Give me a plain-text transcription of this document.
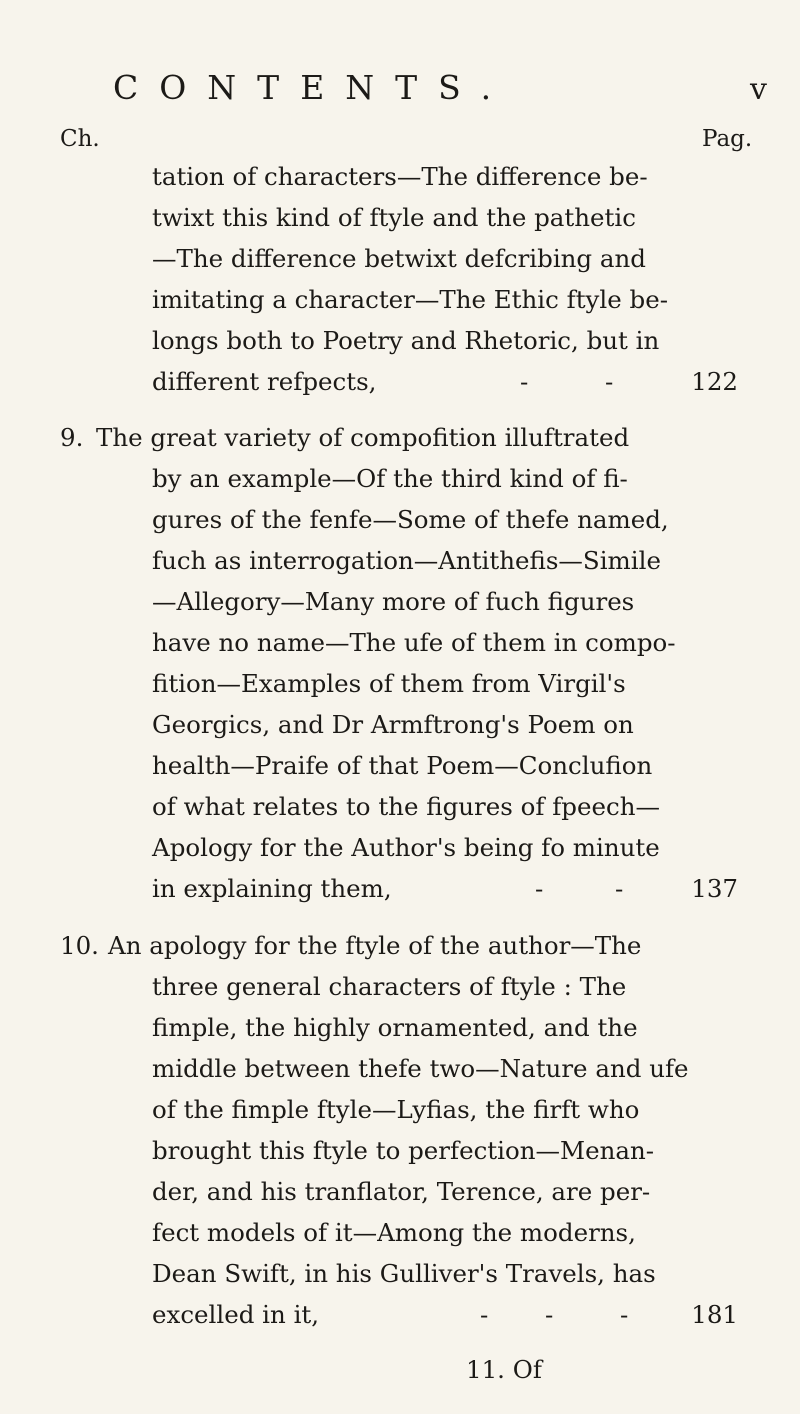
CONTENTS.	v
Ch.	Pag.
tation of characters—The difference be-
twixt this kind of ftyle and the pathetic
—The difference betwixt defcribing and
imitating a character—The Ethic ftyle be-
longs both to Poetry and Rhetoric, but in
different refpects,	-	-	122
9. The great variety of compofition illuftrated
by an example—Of the third kind of fi-
gures of the fenfe—Some of thefe named,
fuch as interrogation—Antithefis—Simile
—Allegory—Many more of fuch figures
have no name—The ufe of them in compo-
fition—Examples of them from Virgil's
Georgics, and Dr Armftrong's Poem on
health—Praife of that Poem—Conclufion
of what relates to the figures of fpeech—
Apology for the Author's being fo minute
in explaining them,	-	-	137
10. An apology for the ftyle of the author—The
three general characters of ftyle : The
fimple, the highly ornamented, and the
middle between thefe two—Nature and ufe
of the fimple ftyle—Lyfias, the firft who
brought this ftyle to perfection—Menan-
der, and his tranflator, Terence, are per-
fect models of it—Among the moderns,
Dean Swift, in his Gulliver's Travels, has
excelled in it,	- -	-	181
11. Of
